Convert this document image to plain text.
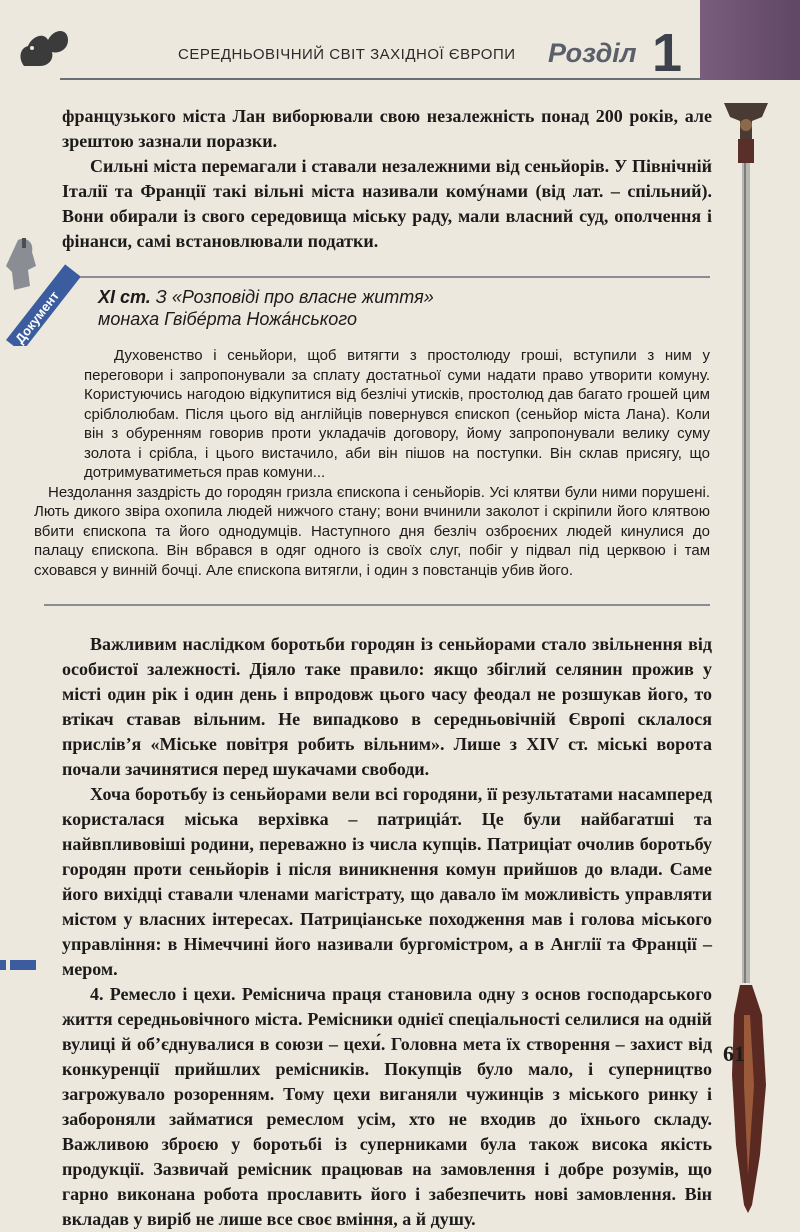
СЕРЕДНЬОВІЧНИЙ СВІТ ЗАХІДНОЇ ЄВРОПИ Розділ 1

французького міста Лан виборювали свою незалежність понад 200 років, але зрештою зазнали поразки.

Сильні міста перемагали і ставали незалежними від сеньйорів. У Північній Італії та Франції такі вільні міста називали комýнами (від лат. – спільний). Вони обирали із свого середовища міську раду, мали власний суд, ополчення і фінанси, самі встановлювали податки.

XI ст. З «Розповіді про власне життя»
монаха Гвібéрта Ножáнського

Духовенство і сеньйори, щоб витягти з простолюду гроші, вступили з ним у переговори і запропонували за сплату достатньої суми надати право утворити комуну. Користуючись нагодою відкупитися від безлічі утисків, простолюд дав багато грошей цим сріблолюбам. Після цього від англійців повернувся єпископ (сеньйор міста Лана). Коли він з обуренням говорив проти укладачів договору, йому запропонували велику суму золота і срібла, і цього вистачило, аби він пішов на поступки. Він склав присягу, що дотримуватиметься прав комуни...

Нездолання заздрість до городян гризла єпископа і сеньйорів. Усі клятви були ними порушені. Лють дикого звіра охопила людей нижчого стану; вони вчинили заколот і скріпили його клятвою вбити єпископа та його однодумців. Наступного дня безліч озброєних людей кинулися до палацу єпископа. Він вбрався в одяг одного із своїх слуг, побіг у підвал під церквою і там сховався у винній бочці. Але єпископа витягли, і один з повстанців убив його.

Документ

Важливим наслідком боротьби городян із сеньйорами стало звільнення від особистої залежності. Діяло таке правило: якщо збіглий селянин прожив у місті один рік і один день і впродовж цього часу феодал не розшукав його, то втікач ставав вільним. Не випадково в середньовічній Європі склалося прислів’я «Міське повітря робить вільним». Лише з XIV ст. міські ворота почали зачинятися перед шукачами свободи.

Хоча боротьбу із сеньйорами вели всі городяни, її результатами насамперед користалася міська верхівка – патриціáт. Це були найбагатші та найвпливовіші родини, переважно із числа купців. Патриціат очолив боротьбу городян проти сеньйорів і після виникнення комун прийшов до влади. Саме його вихідці ставали членами магістрату, що давало їм можливість управляти містом у власних інтересах. Патриціанське походження мав і голова міського управління: в Німеччині його називали бургомістром, а в Англії та Франції – мером.

4. Ремесло і цехи. Ремісничa праця становила одну з основ господарського життя середньовічного міста. Ремісники однієї спеціальності селилися на одній вулиці й об’єднувалися в союзи – цехи́. Головна мета їх створення – захист від конкуренції прийшлих ремісників. Покупців було мало, і суперництво загрожувало розоренням. Тому цехи виганяли чужинців з міського ринку і забороняли займатися ремеслом усім, хто не входив до їхнього складу. Важливою зброєю у боротьбі із суперниками була також висока якість продукції. Зазвичай ремісник працював на замовлення і добре розумів, що гарно виконана робота прославить його і забезпечить нові замовлення. Він вкладав у виріб не лише все своє вміння, а й душу.

61
